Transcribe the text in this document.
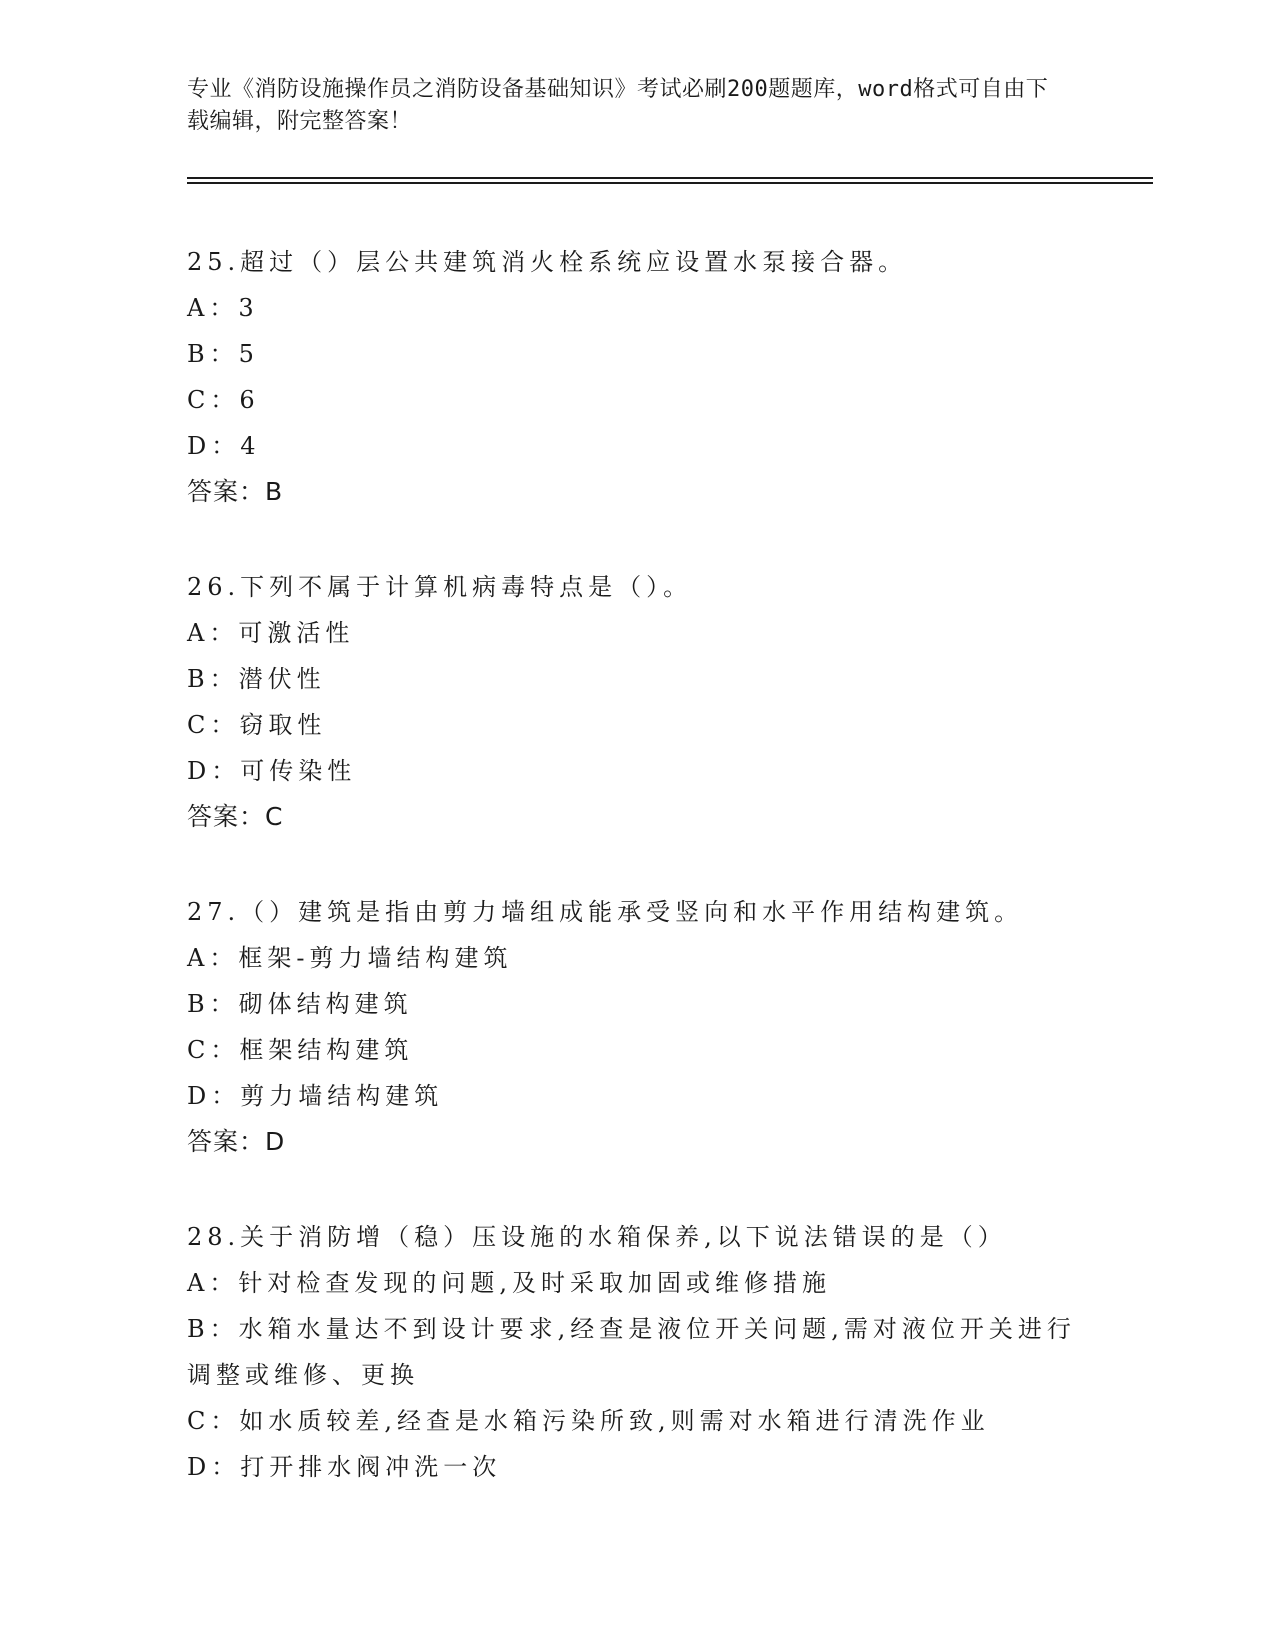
专业《消防设施操作员之消防设备基础知识》考试必刷200题题库，word格式可自由下载编辑，附完整答案！
25.超过（）层公共建筑消火栓系统应设置水泵接合器。
A：3
B：5
C：6
D：4
答案：B
26.下列不属于计算机病毒特点是（）。
A：可激活性
B：潜伏性
C：窃取性
D：可传染性
答案：C
27.（）建筑是指由剪力墙组成能承受竖向和水平作用结构建筑。
A：框架-剪力墙结构建筑
B：砌体结构建筑
C：框架结构建筑
D：剪力墙结构建筑
答案：D
28.关于消防增（稳）压设施的水箱保养,以下说法错误的是（）
A：针对检查发现的问题,及时采取加固或维修措施
B：水箱水量达不到设计要求,经查是液位开关问题,需对液位开关进行调整或维修、更换
C：如水质较差,经查是水箱污染所致,则需对水箱进行清洗作业
D：打开排水阀冲洗一次
